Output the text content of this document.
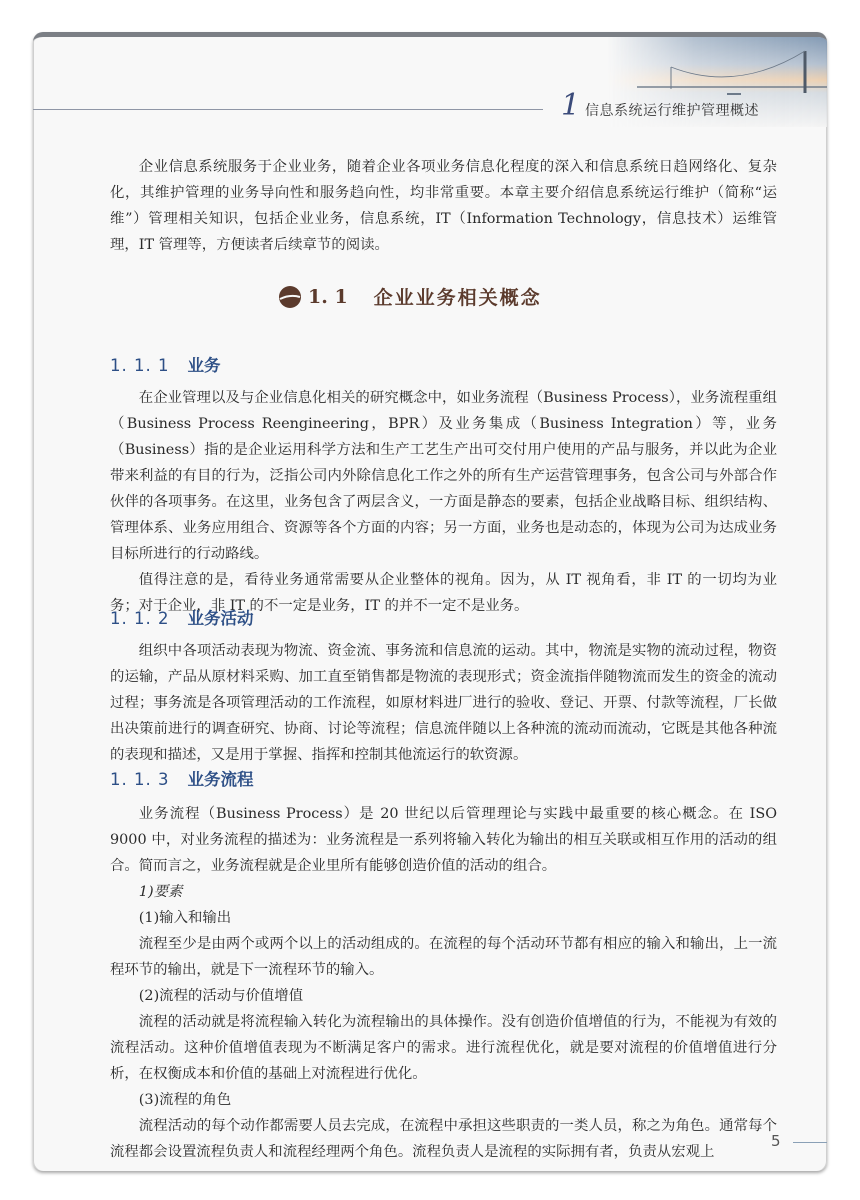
1 信息系统运行维护管理概述
企业信息系统服务于企业业务，随着企业各项业务信息化程度的深入和信息系统日趋网络化、复杂化，其维护管理的业务导向性和服务趋向性，均非常重要。本章主要介绍信息系统运行维护（简称“运维”）管理相关知识，包括企业业务，信息系统，IT（Information Technology，信息技术）运维管理，IT 管理等，方便读者后续章节的阅读。
1. 1 企业业务相关概念
1. 1. 1 业务
在企业管理以及与企业信息化相关的研究概念中，如业务流程（Business Process），业务流程重组（Business Process Reengineering，BPR）及业务集成（Business Integration）等，业务（Business）指的是企业运用科学方法和生产工艺生产出可交付用户使用的产品与服务，并以此为企业带来利益的有目的行为，泛指公司内外除信息化工作之外的所有生产运营管理事务，包含公司与外部合作伙伴的各项事务。在这里，业务包含了两层含义，一方面是静态的要素，包括企业战略目标、组织结构、管理体系、业务应用组合、资源等各个方面的内容；另一方面，业务也是动态的，体现为公司为达成业务目标所进行的行动路线。
值得注意的是，看待业务通常需要从企业整体的视角。因为，从 IT 视角看，非 IT 的一切均为业务；对于企业，非 IT 的不一定是业务，IT 的并不一定不是业务。
1. 1. 2 业务活动
组织中各项活动表现为物流、资金流、事务流和信息流的运动。其中，物流是实物的流动过程，物资的运输，产品从原材料采购、加工直至销售都是物流的表现形式；资金流指伴随物流而发生的资金的流动过程；事务流是各项管理活动的工作流程，如原材料进厂进行的验收、登记、开票、付款等流程，厂长做出决策前进行的调查研究、协商、讨论等流程；信息流伴随以上各种流的流动而流动，它既是其他各种流的表现和描述，又是用于掌握、指挥和控制其他流运行的软资源。
1. 1. 3 业务流程
业务流程（Business Process）是 20 世纪以后管理理论与实践中最重要的核心概念。在 ISO 9000 中，对业务流程的描述为：业务流程是一系列将输入转化为输出的相互关联或相互作用的活动的组合。简而言之，业务流程就是企业里所有能够创造价值的活动的组合。
1)要素
(1)输入和输出
流程至少是由两个或两个以上的活动组成的。在流程的每个活动环节都有相应的输入和输出，上一流程环节的输出，就是下一流程环节的输入。
(2)流程的活动与价值增值
流程的活动就是将流程输入转化为流程输出的具体操作。没有创造价值增值的行为，不能视为有效的流程活动。这种价值增值表现为不断满足客户的需求。进行流程优化，就是要对流程的价值增值进行分析，在权衡成本和价值的基础上对流程进行优化。
(3)流程的角色
流程活动的每个动作都需要人员去完成，在流程中承担这些职责的一类人员，称之为角色。通常每个流程都会设置流程负责人和流程经理两个角色。流程负责人是流程的实际拥有者，负责从宏观上
5
